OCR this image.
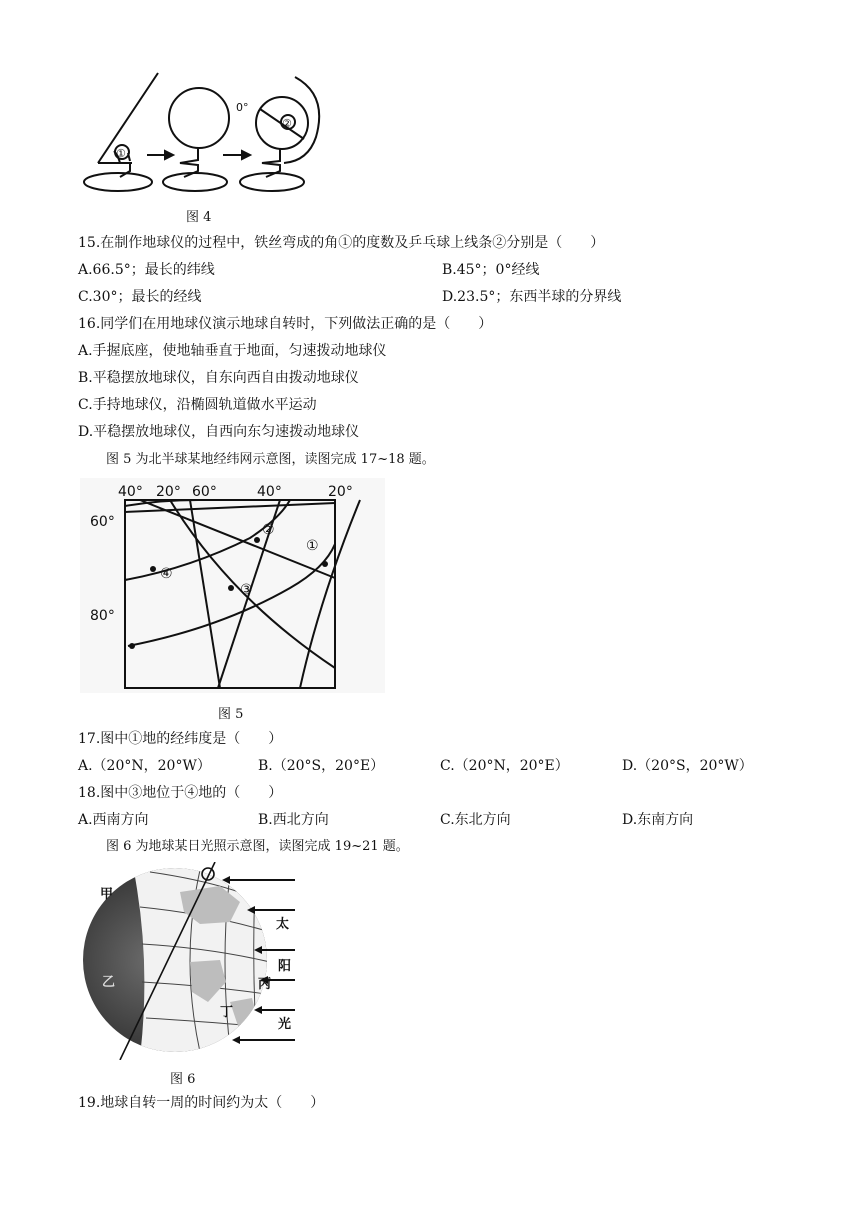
①
②
0°
图 4
15.在制作地球仪的过程中，铁丝弯成的角①的度数及乒乓球上线条②分别是（　　）
A.66.5°；最长的纬线	B.45°；0°经线
C.30°；最长的经线	D.23.5°；东西半球的分界线
16.同学们在用地球仪演示地球自转时，下列做法正确的是（　　）
A.手握底座，使地轴垂直于地面，匀速拨动地球仪
B.平稳摆放地球仪，自东向西自由拨动地球仪
C.手持地球仪，沿椭圆轨道做水平运动
D.平稳摆放地球仪，自西向东匀速拨动地球仪
图 5 为北半球某地经纬网示意图，读图完成 17~18 题。
40° 20° 60°	40°	20°
60°
80°
①
②
③
④
图 5
17.图中①地的经纬度是（　　）
A.（20°N，20°W）	B.（20°S，20°E）	C.（20°N，20°E）	D.（20°S，20°W）
18.图中③地位于④地的（　　）
A.西南方向	B.西北方向	C.东北方向	D.东南方向
图 6 为地球某日光照示意图，读图完成 19~21 题。
甲
乙	丙
丁
太
阳
光
图 6
19.地球自转一周的时间约为太（　　）
